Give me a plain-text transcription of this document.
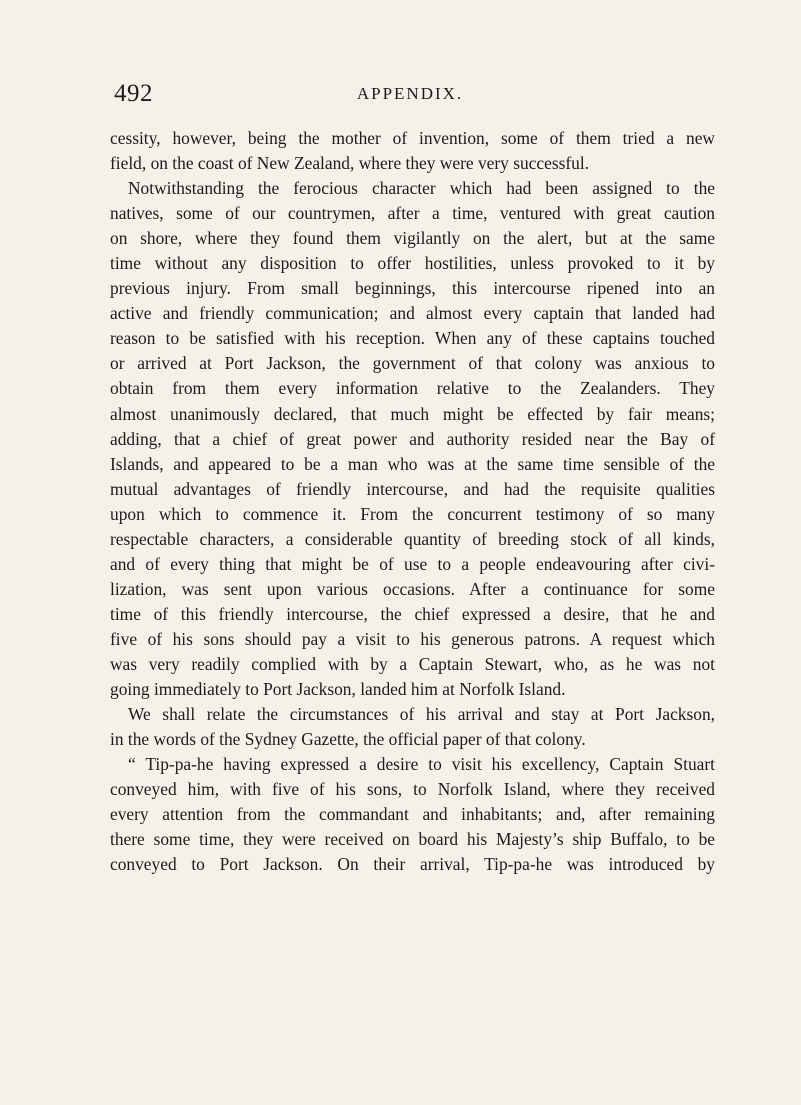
492	APPENDIX.
cessity, however, being the mother of invention, some of them tried a new
field, on the coast of New Zealand, where they were very successful.
Notwithstanding the ferocious character which had been assigned to the
natives, some of our countrymen, after a time, ventured with great caution
on shore, where they found them vigilantly on the alert, but at the same
time without any disposition to offer hostilities, unless provoked to it by
previous injury. From small beginnings, this intercourse ripened into an
active and friendly communication; and almost every captain that landed had
reason to be satisfied with his reception. When any of these captains touched
or arrived at Port Jackson, the government of that colony was anxious to
obtain from them every information relative to the Zealanders. They
almost unanimously declared, that much might be effected by fair means;
adding, that a chief of great power and authority resided near the Bay of
Islands, and appeared to be a man who was at the same time sensible of the
mutual advantages of friendly intercourse, and had the requisite qualities
upon which to commence it. From the concurrent testimony of so many
respectable characters, a considerable quantity of breeding stock of all kinds,
and of every thing that might be of use to a people endeavouring after civi-
lization, was sent upon various occasions. After a continuance for some
time of this friendly intercourse, the chief expressed a desire, that he and
five of his sons should pay a visit to his generous patrons. A request which
was very readily complied with by a Captain Stewart, who, as he was not
going immediately to Port Jackson, landed him at Norfolk Island.
We shall relate the circumstances of his arrival and stay at Port Jackson,
in the words of the Sydney Gazette, the official paper of that colony.
“ Tip-pa-he having expressed a desire to visit his excellency, Captain Stuart
conveyed him, with five of his sons, to Norfolk Island, where they received
every attention from the commandant and inhabitants; and, after remaining
there some time, they were received on board his Majesty’s ship Buffalo, to be
conveyed to Port Jackson. On their arrival, Tip-pa-he was introduced by
